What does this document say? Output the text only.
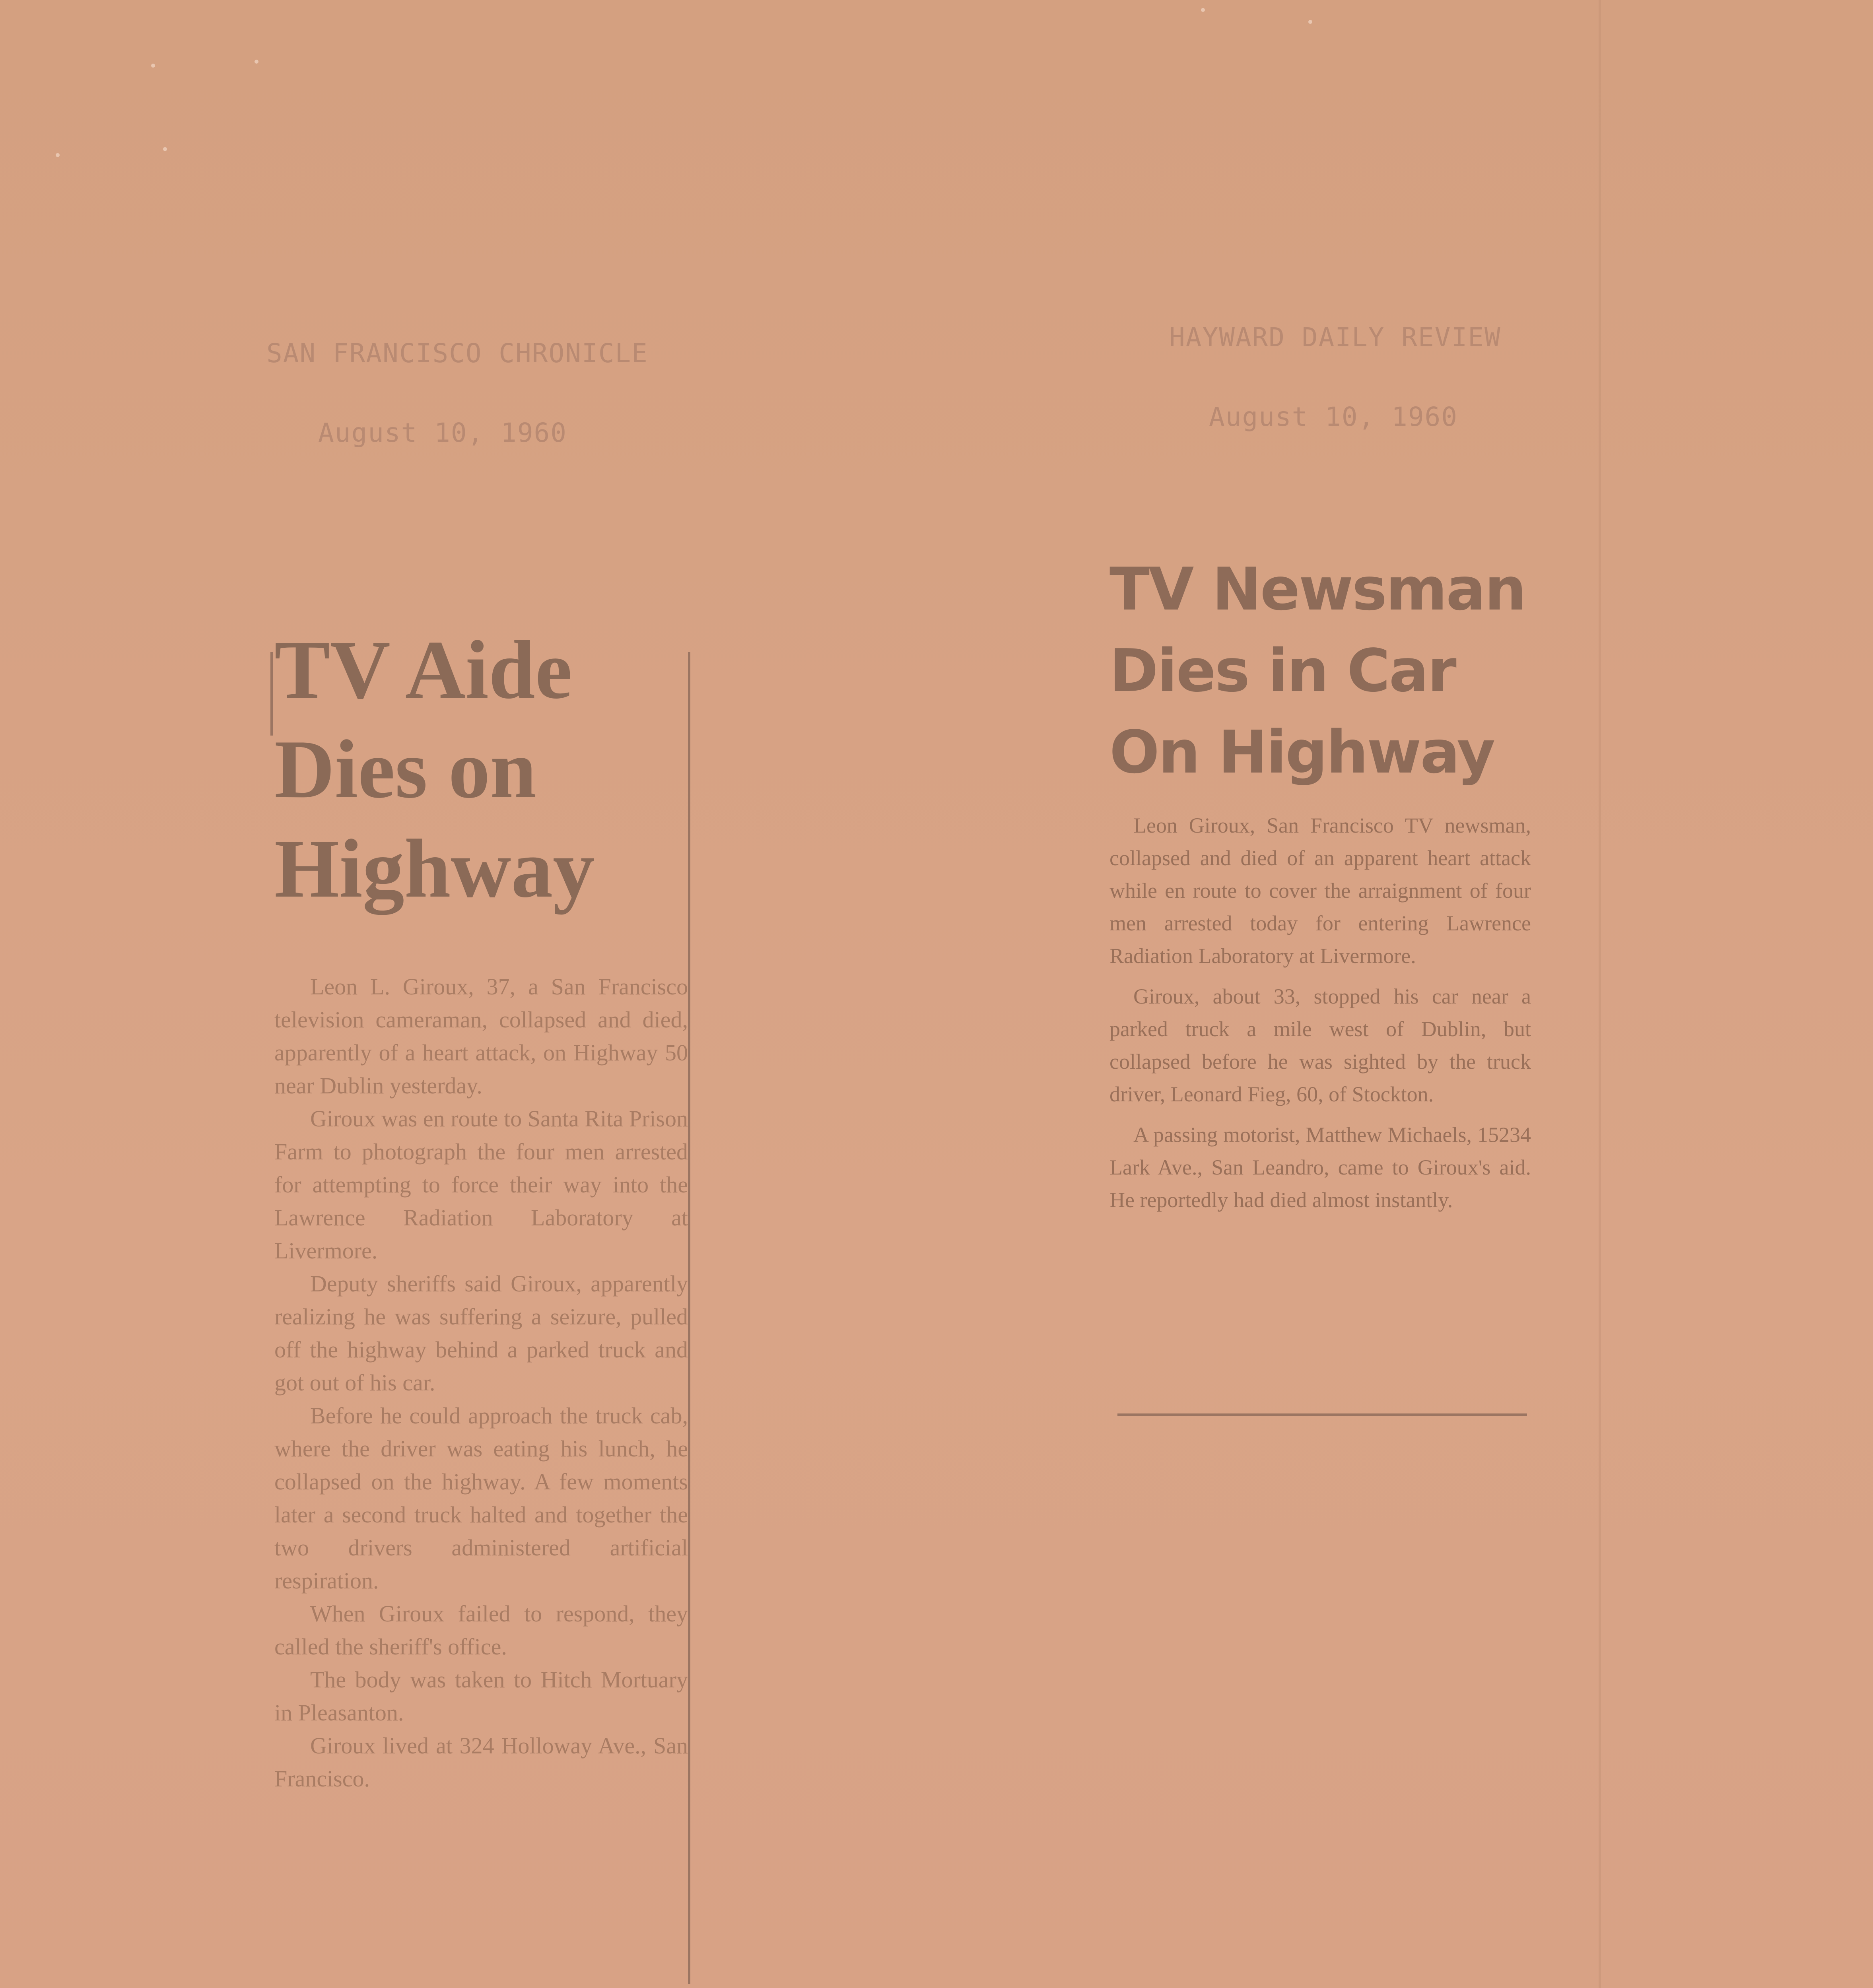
SAN FRANCISCO CHRONICLE
August 10, 1960
HAYWARD DAILY REVIEW
August 10, 1960
TV Aide
Dies on
Highway

Leon L. Giroux, 37, a San Francisco television cameraman, collapsed and died, apparently of a heart attack, on Highway 50 near Dublin yesterday.

Giroux was en route to Santa Rita Prison Farm to photograph the four men arrested for attempting to force their way into the Lawrence Radiation Laboratory at Livermore.

Deputy sheriffs said Giroux, apparently realizing he was suffering a seizure, pulled off the highway behind a parked truck and got out of his car.

Before he could approach the truck cab, where the driver was eating his lunch, he collapsed on the highway. A few moments later a second truck halted and together the two drivers administered artificial respiration.

When Giroux failed to respond, they called the sheriff's office.

The body was taken to Hitch Mortuary in Pleasanton.

Giroux lived at 324 Holloway Ave., San Francisco.

TV Newsman
Dies in Car
On Highway

Leon Giroux, San Francisco TV newsman, collapsed and died of an apparent heart attack while en route to cover the arraignment of four men arrested today for entering Lawrence Radiation Laboratory at Livermore.

Giroux, about 33, stopped his car near a parked truck a mile west of Dublin, but collapsed before he was sighted by the truck driver, Leonard Fieg, 60, of Stockton.

A passing motorist, Matthew Michaels, 15234 Lark Ave., San Leandro, came to Giroux's aid. He reportedly had died almost instantly.
